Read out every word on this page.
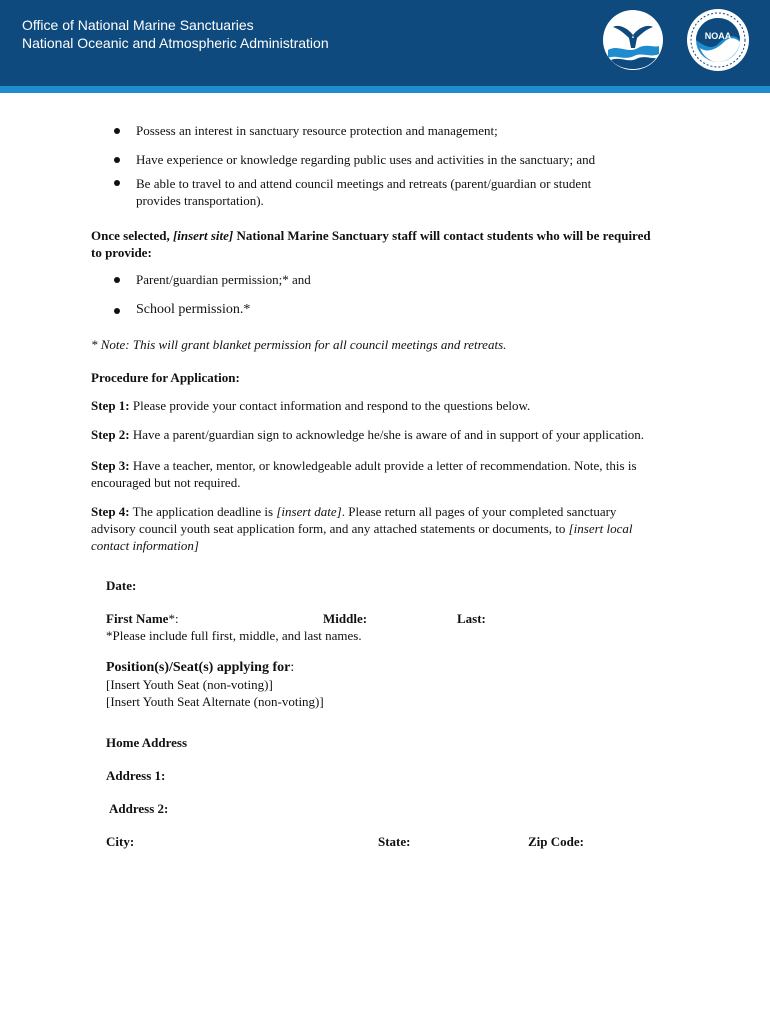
Office of National Marine Sanctuaries
National Oceanic and Atmospheric Administration	NOAA
Possess an interest in sanctuary resource protection and management;
Have experience or knowledge regarding public uses and activities in the sanctuary; and
Be able to travel to and attend council meetings and retreats (parent/guardian or student provides transportation).
Once selected, [insert site] National Marine Sanctuary staff will contact students who will be required to provide:
Parent/guardian permission;* and
School permission.*
* Note: This will grant blanket permission for all council meetings and retreats.
Procedure for Application:
Step 1: Please provide your contact information and respond to the questions below.
Step 2: Have a parent/guardian sign to acknowledge he/she is aware of and in support of your application.
Step 3: Have a teacher, mentor, or knowledgeable adult provide a letter of recommendation. Note, this is encouraged but not required.
Step 4: The application deadline is [insert date]. Please return all pages of your completed sanctuary advisory council youth seat application form, and any attached statements or documents, to [insert local contact information]
Date:
First Name*:	Middle:	Last:
*Please include full first, middle, and last names.
Position(s)/Seat(s) applying for:
[Insert Youth Seat (non-voting)]
[Insert Youth Seat Alternate (non-voting)]
Home Address
Address 1:
Address 2:
City:	State:	Zip Code:
